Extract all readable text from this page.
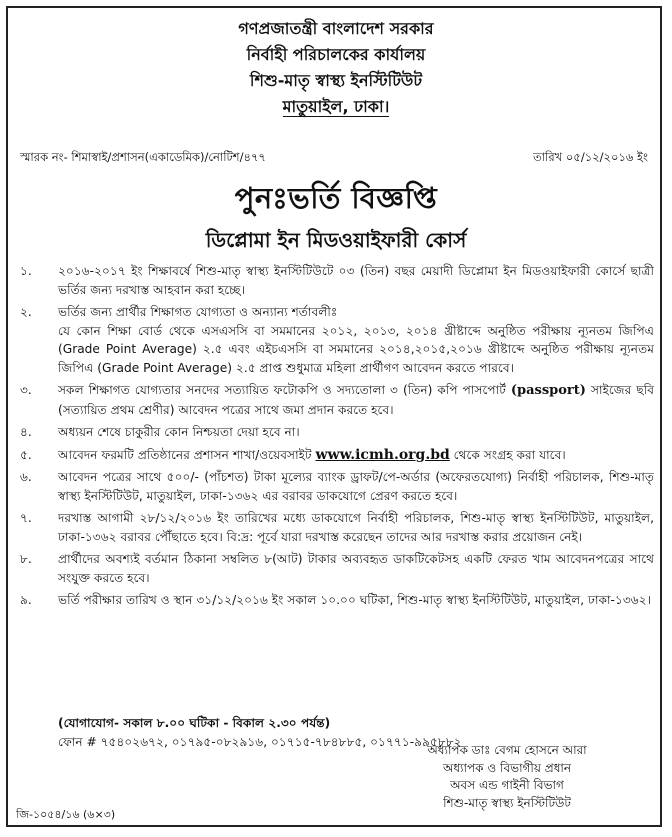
গণপ্রজাতন্ত্রী বাংলাদেশ সরকার
নির্বাহী পরিচালকের কার্যালয়
শিশু-মাতৃ স্বাস্থ্য ইনস্টিটিউট
মাতুয়াইল, ঢাকা।
স্মারক নং- শিমাস্বাই/প্রশাসন(একাডেমিক)/নোটিশ/৪৭৭	তারিখ ০৫/১২/২০১৬ ইং
পুনঃভর্তি বিজ্ঞপ্তি
ডিপ্লোমা ইন মিডওয়াইফারী কোর্স
১.	২০১৬-২০১৭ ইং শিক্ষাবর্ষে শিশু-মাতৃ স্বাস্থ্য ইনস্টিটিউটে ০৩ (তিন) বছর মেয়াদী ডিপ্লোমা ইন মিডওয়াইফারী কোর্সে ছাত্রী ভর্তির জন্য দরখাস্ত আহবান করা হচ্ছে।
২.	ভর্তির জন্য প্রার্থীর শিক্ষাগত যোগ্যতা ও অন্যান্য শর্তাবলীঃ
যে কোন শিক্ষা বোর্ড থেকে এসএসসি বা সমমানের ২০১২, ২০১৩, ২০১৪ খ্রীষ্টাব্দে অনুষ্ঠিত পরীক্ষায় ন্যূনতম জিপিএ (Grade Point Average) ২.৫ এবং এইচএসসি বা সমমানের ২০১৪,২০১৫,২০১৬ খ্রীষ্টাব্দে অনুষ্ঠিত পরীক্ষায় ন্যূনতম জিপিএ (Grade Point Average) ২.৫ প্রাপ্ত শুধুমাত্র মহিলা প্রার্থীগণ আবেদন করতে পারবে।
৩.	সকল শিক্ষাগত যোগ্যতার সনদের সত্যায়িত ফটোকপি ও সদ্যতোলা ৩ (তিন) কপি পাসপোর্ট (passport) সাইজের ছবি (সত্যায়িত প্রথম শ্রেণীর) আবেদন পত্রের সাথে জমা প্রদান করতে হবে।
৪.	অধ্যয়ন শেষে চাকুরীর কোন নিশ্চয়তা দেয়া হবে না।
৫.	আবেদন ফরমটি প্রতিষ্ঠানের প্রশাসন শাখা/ওয়েবসাইট www.icmh.org.bd থেকে সংগ্রহ করা যাবে।
৬.	আবেদন পত্রের সাথে ৫০০/- (পাঁচশত) টাকা মূল্যের ব্যাংক ড্রাফট/পে-অর্ডার (অফেরতযোগ্য) নির্বাহী পরিচালক, শিশু-মাতৃ স্বাস্থ্য ইনস্টিটিউট, মাতুয়াইল, ঢাকা-১৩৬২ এর বরাবর ডাকযোগে প্রেরণ করতে হবে।
৭.	দরখাস্ত আগামী ২৮/১২/২০১৬ ইং তারিখের মধ্যে ডাকযোগে নির্বাহী পরিচালক, শিশু-মাতৃ স্বাস্থ্য ইনস্টিটিউট, মাতুয়াইল, ঢাকা-১৩৬২ বরাবর পৌঁছাতে হবে। বি:দ্র: পূর্বে যারা দরখাস্ত করেছেন তাদের আর দরখাস্ত করার প্রয়োজন নেই।
৮.	প্রার্থীদের অবশ্যই বর্তমান ঠিকানা সম্বলিত ৮(আট) টাকার অব্যবহৃত ডাকটিকেটসহ একটি ফেরত খাম আবেদনপত্রের সাথে সংযুক্ত করতে হবে।
৯.	ভর্তি পরীক্ষার তারিখ ও স্থান ৩১/১২/২০১৬ ইং সকাল ১০.০০ ঘটিকা, শিশু-মাতৃ স্বাস্থ্য ইনস্টিটিউট, মাতুয়াইল, ঢাকা-১৩৬২।
(যোগাযোগ- সকাল ৮.০০ ঘটিকা - বিকাল ২.৩০ পর্যন্ত)
ফোন # ৭৫৪০২৬৭২, ০১৭৯৫-০৮২৯১৬, ০১৭১৫-৭৮৪৮৮৫, ০১৭৭১-৯৯৫৮৮২
অধ্যাপক ডাঃ বেগম হোসনে আরা
অধ্যাপক ও বিভাগীয় প্রধান
অবস এন্ড গাইনী বিভাগ
শিশু-মাতৃ স্বাস্থ্য ইনস্টিটিউট
জি-১০৫৪/১৬ (৬×৩)
